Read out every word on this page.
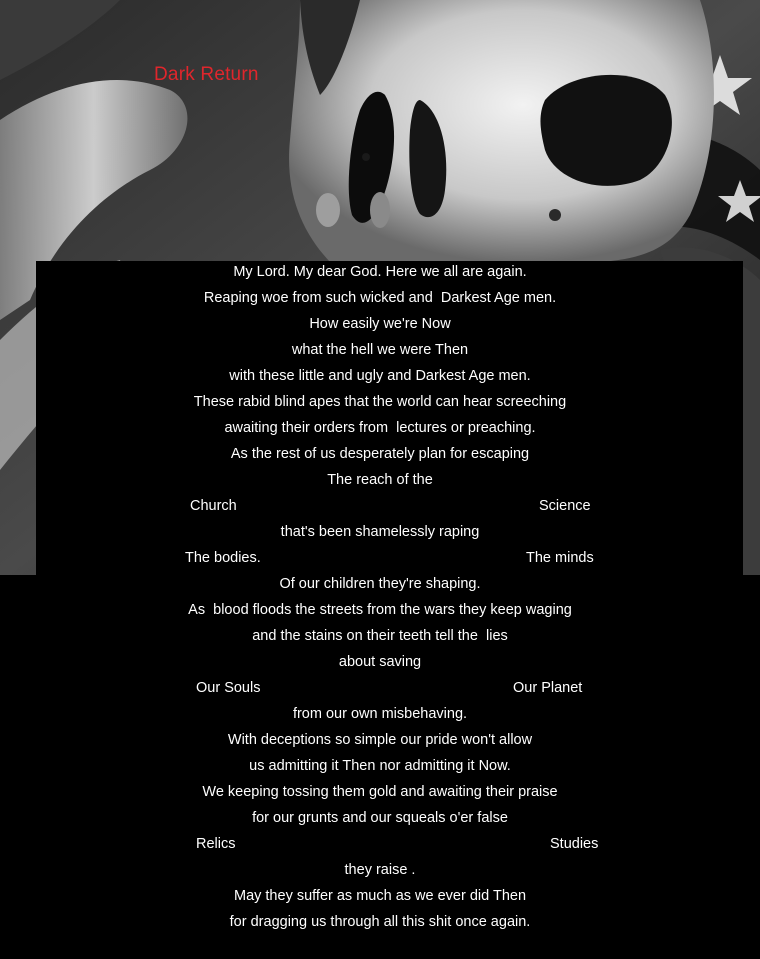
Dark Return
My Lord. My dear God. Here we all are again.
Reaping woe from such wicked and  Darkest Age men.
How easily we're Now
what the hell we were Then
with these little and ugly and Darkest Age men.
These rabid blind apes that the world can hear screeching
awaiting their orders from  lectures or preaching.
As the rest of us desperately plan for escaping
The reach of the
Church	Science
that's been shamelessly raping
The bodies.	The minds
Of our children they're shaping.
As  blood floods the streets from the wars they keep waging
and the stains on their teeth tell the  lies
about saving
Our Souls	Our Planet
from our own misbehaving.
With deceptions so simple our pride won't allow
us admitting it Then nor admitting it Now.
We keeping tossing them gold and awaiting their praise
for our grunts and our squeals o'er false
Relics	Studies
they raise .
May they suffer as much as we ever did Then
for dragging us through all this shit once again.
